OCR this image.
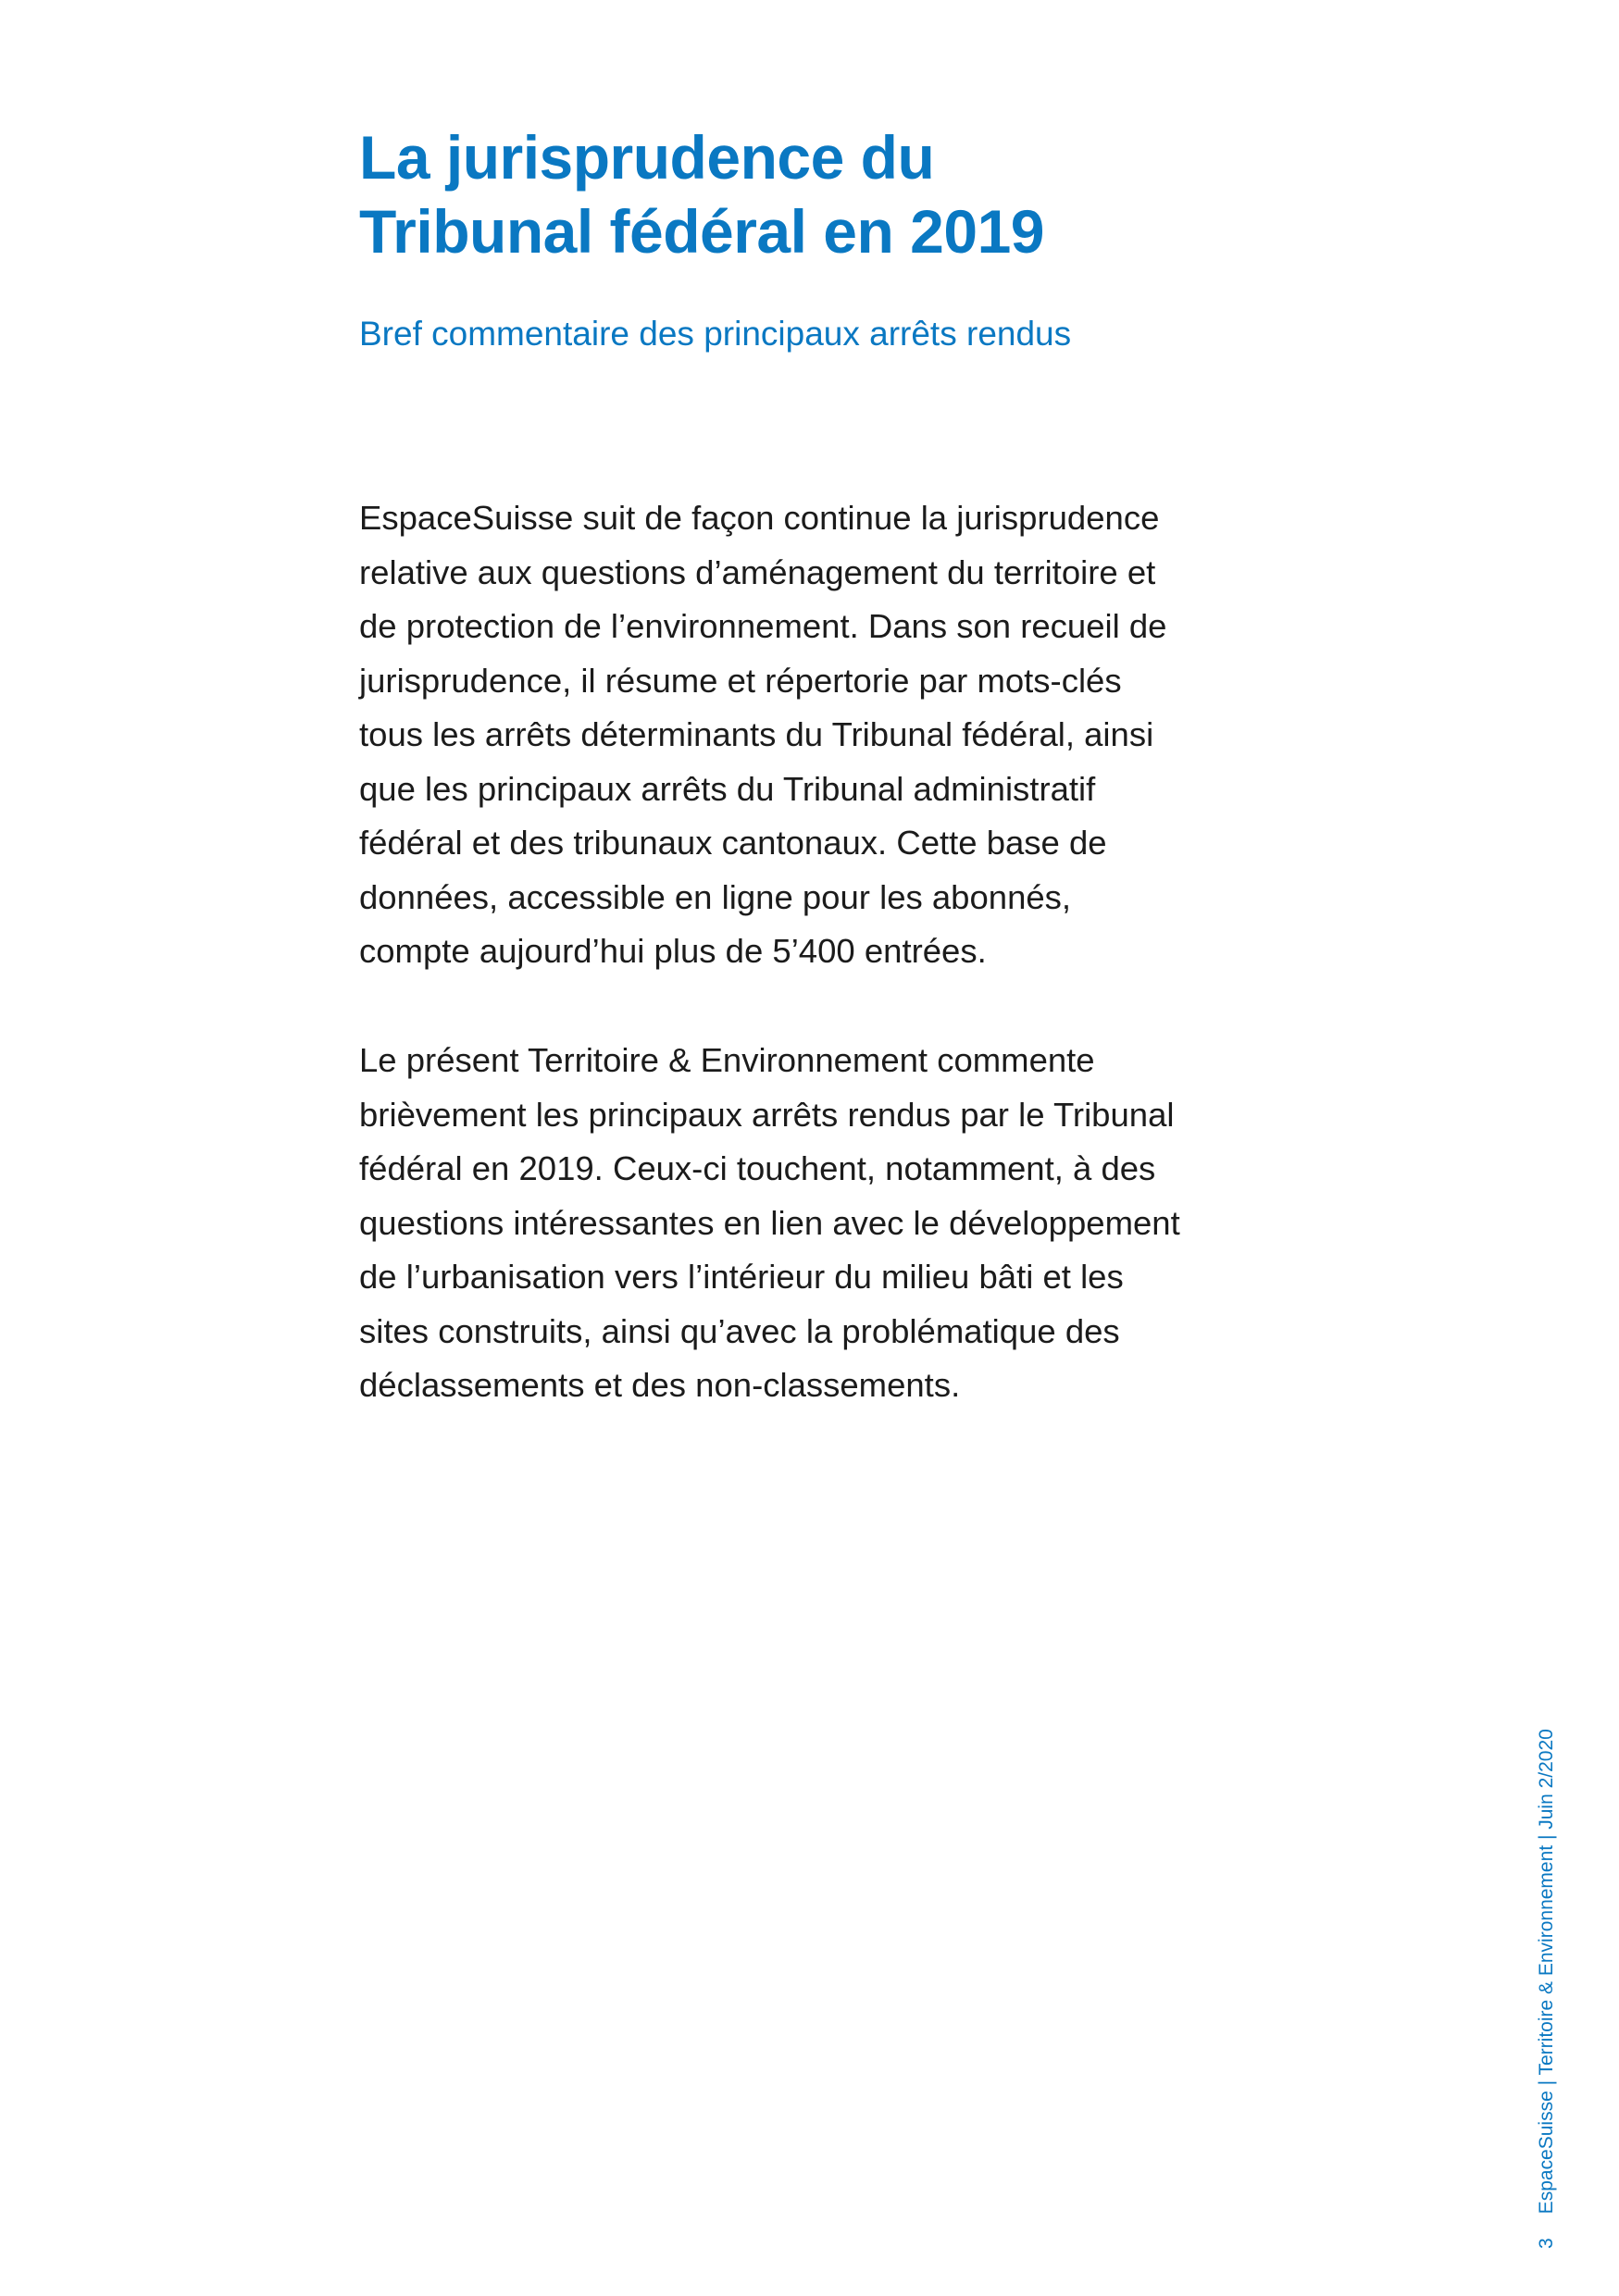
La jurisprudence du
Tribunal fédéral en 2019

Bref commentaire des principaux arrêts rendus

EspaceSuisse suit de façon continue la jurisprudence
relative aux questions d’aménagement du territoire et
de protection de l’environnement. Dans son recueil de
jurisprudence, il résume et répertorie par mots-clés
tous les arrêts déterminants du Tribunal fédéral, ainsi
que les principaux arrêts du Tribunal administratif
fédéral et des tribunaux cantonaux. Cette base de
données, accessible en ligne pour les abonnés,
compte aujourd’hui plus de 5’400 entrées.

Le présent Territoire & Environnement commente
brièvement les principaux arrêts rendus par le Tribunal
fédéral en 2019. Ceux-ci touchent, notamment, à des
questions intéressantes en lien avec le développement
de l’urbanisation vers l’intérieur du milieu bâti et les
sites construits, ainsi qu’avec la problématique des
déclassements et des non-classements.

3EspaceSuisse | Territoire & Environnement | Juin 2/2020
